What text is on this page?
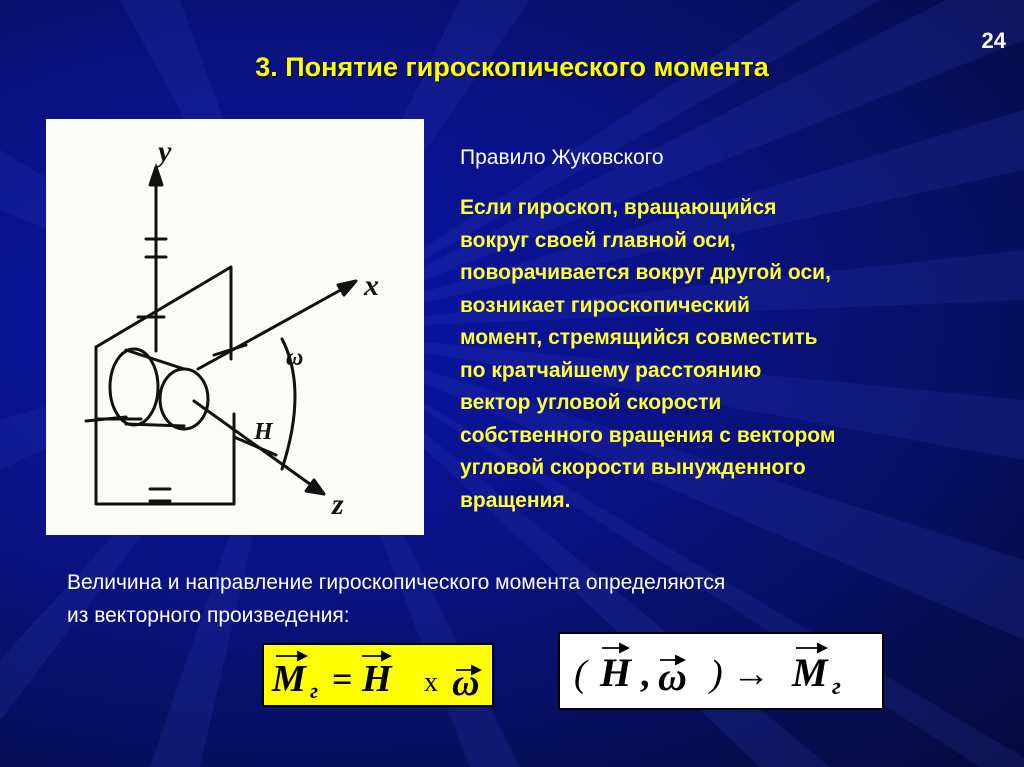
24
3. Понятие гироскопического момента
y
x
z
H
ω
Правило Жуковского
Если гироскоп, вращающийся
вокруг своей главной оси,
поворачивается вокруг другой оси,
возникает гироскопический
момент, стремящийся совместить
по кратчайшему расстоянию
вектор угловой скорости
собственного вращения с вектором
угловой скорости вынужденного
вращения.
Величина и направление гироскопического момента определяются
из векторного произведения:
M г = H x ω ( H , ω ) → M г
